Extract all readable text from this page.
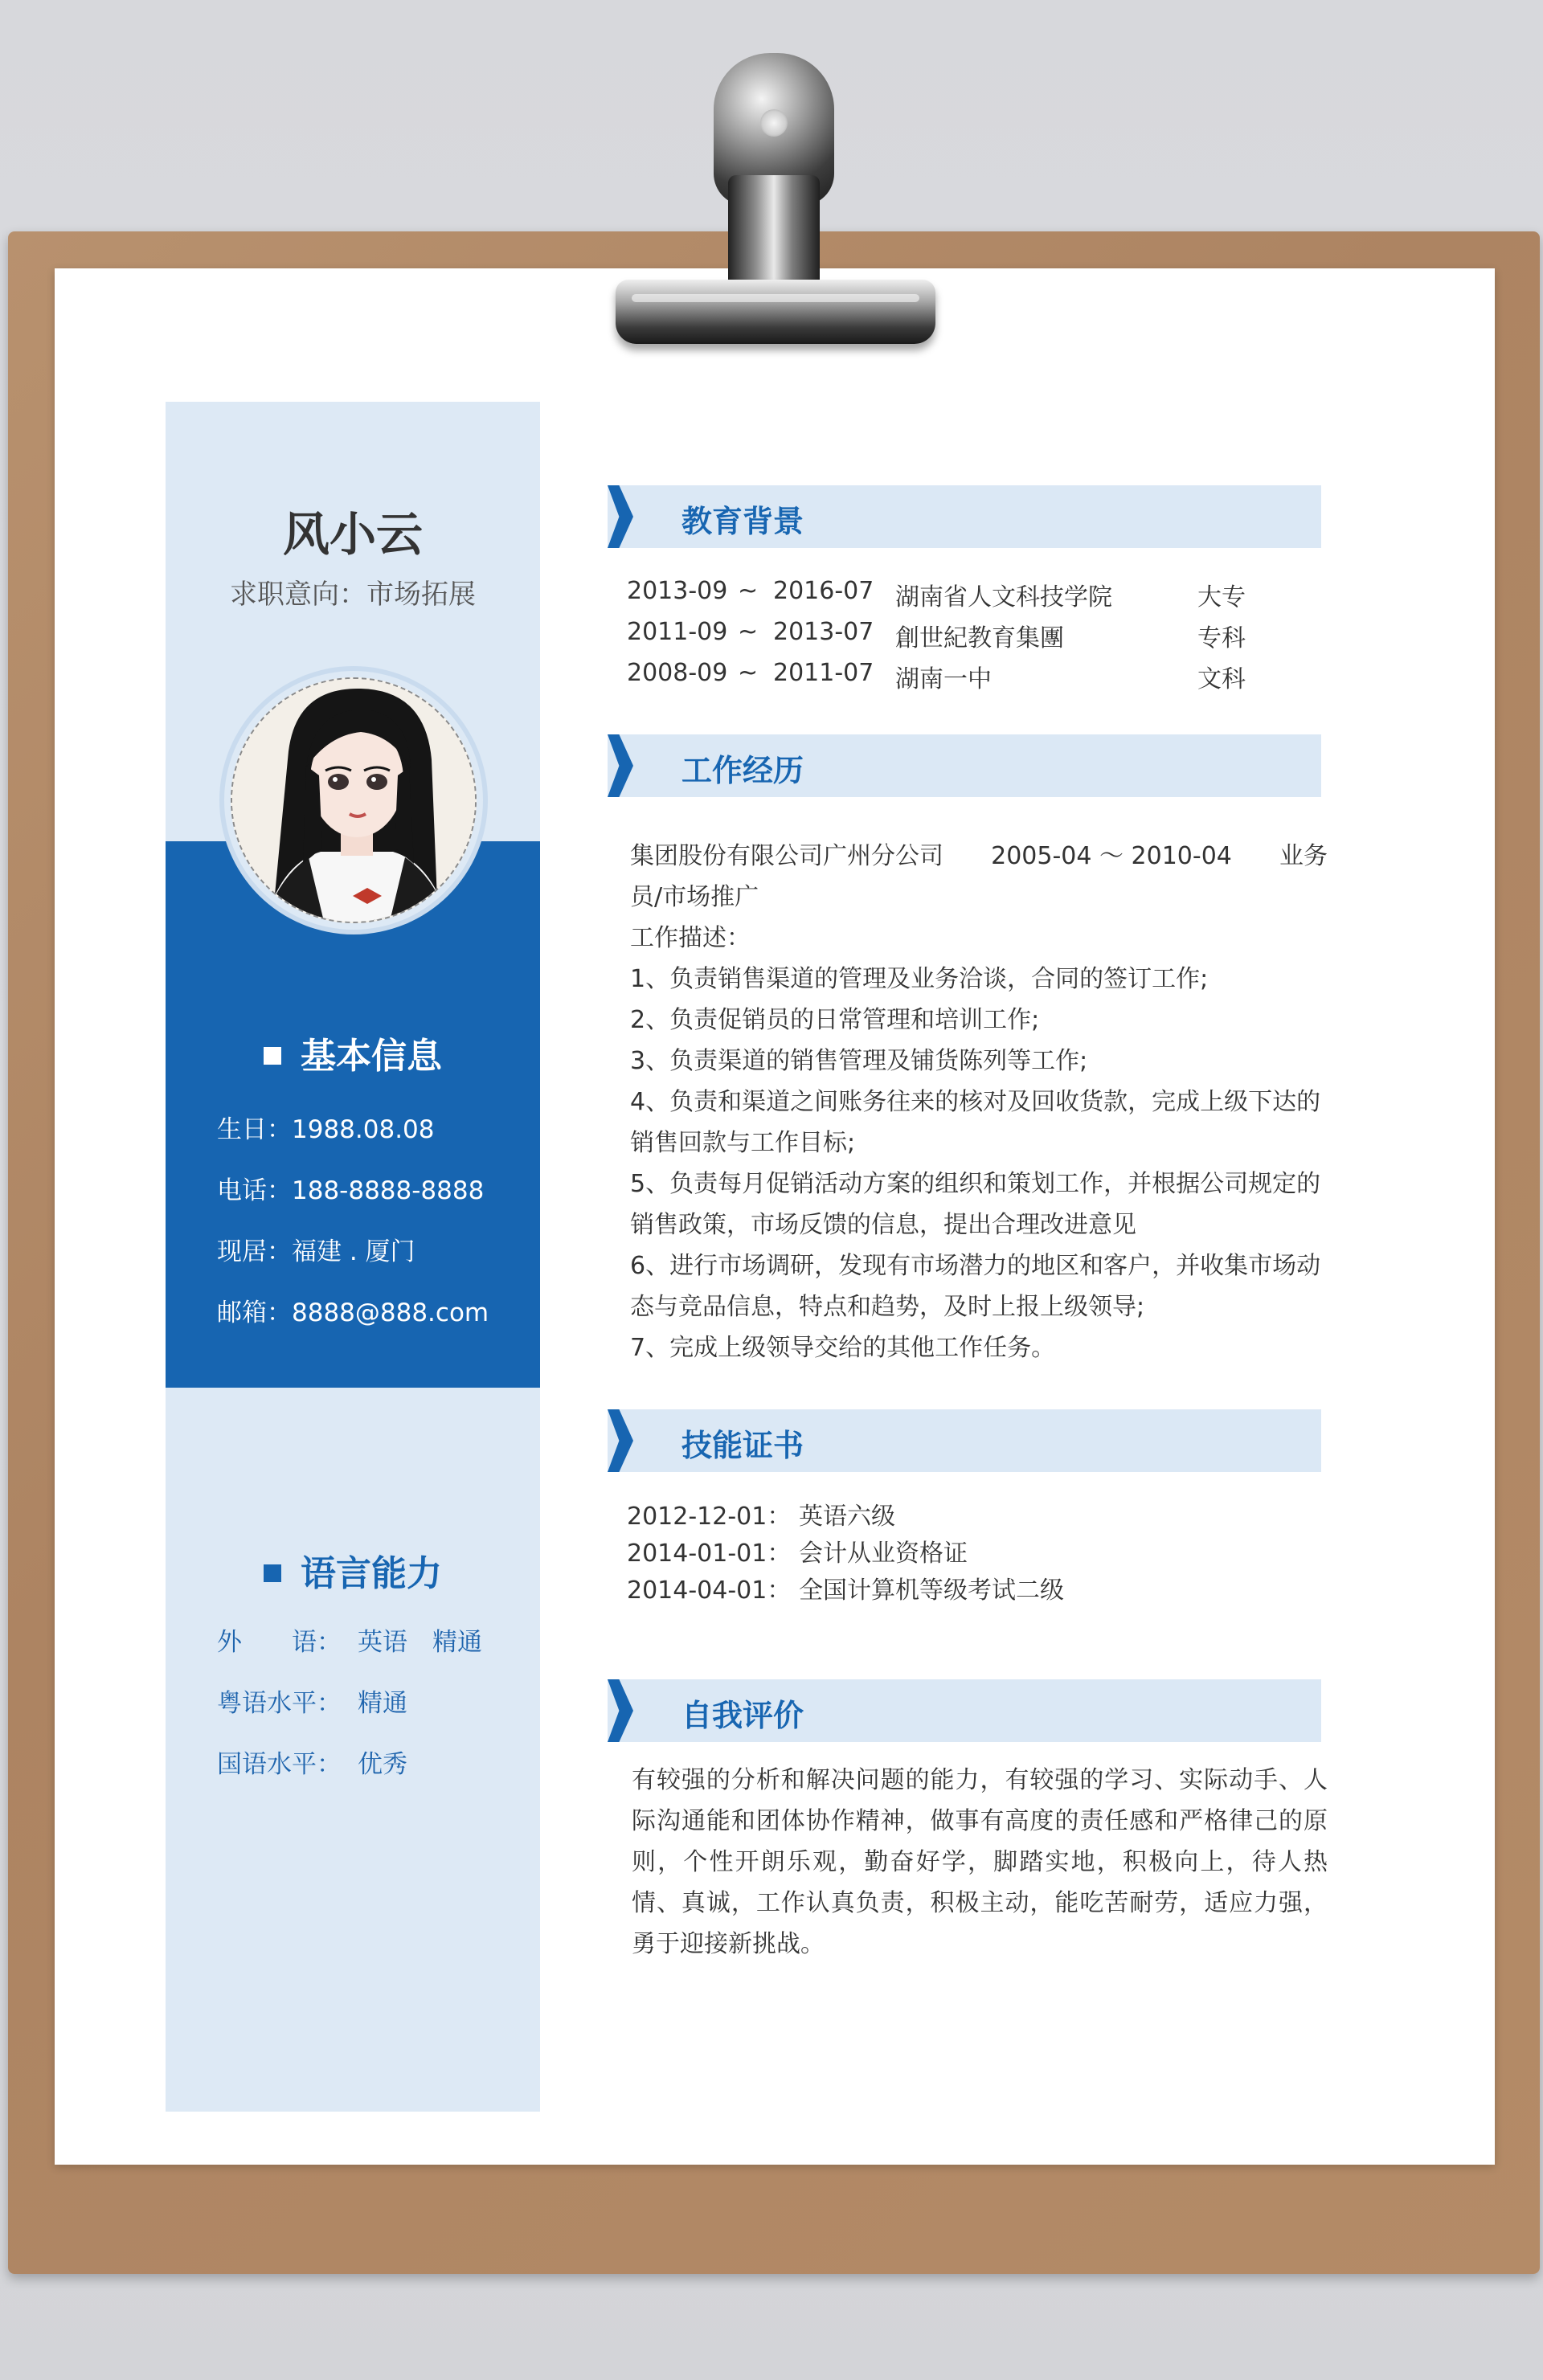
风小云
求职意向：市场拓展
基本信息
生日：1988.08.08
电话：188-8888-8888
现居：福建 . 厦门
邮箱：8888@888.com
语言能力
外　　语： 英语　精通
粤语水平： 精通
国语水平： 优秀
教育背景
2013-09 ~ 2016-07 湖南省人文科技学院	大专
2011-09 ~ 2013-07 創世紀教育集團	专科
2008-09 ~ 2011-07 湖南一中	文科
工作经历
集团股份有限公司广州分公司 2005-04 ～ 2010-04 业务
员/市场推广
工作描述：
1、负责销售渠道的管理及业务洽谈，合同的签订工作;
2、负责促销员的日常管理和培训工作;
3、负责渠道的销售管理及铺货陈列等工作;
4、负责和渠道之间账务往来的核对及回收货款，完成上级下达的销售回款与工作目标;
5、负责每月促销活动方案的组织和策划工作，并根据公司规定的销售政策，市场反馈的信息，提出合理改进意见
6、进行市场调研，发现有市场潜力的地区和客户，并收集市场动态与竞品信息，特点和趋势，及时上报上级领导;
7、完成上级领导交给的其他工作任务。
技能证书
2012-12-01： 英语六级
2014-01-01： 会计从业资格证
2014-04-01： 全国计算机等级考试二级
自我评价
有较强的分析和解决问题的能力，有较强的学习、实际动手、人际沟通能和团体协作精神，做事有高度的责任感和严格律己的原则，个性开朗乐观，勤奋好学，脚踏实地，积极向上，待人热情、真诚，工作认真负责，积极主动，能吃苦耐劳，适应力强，勇于迎接新挑战。
